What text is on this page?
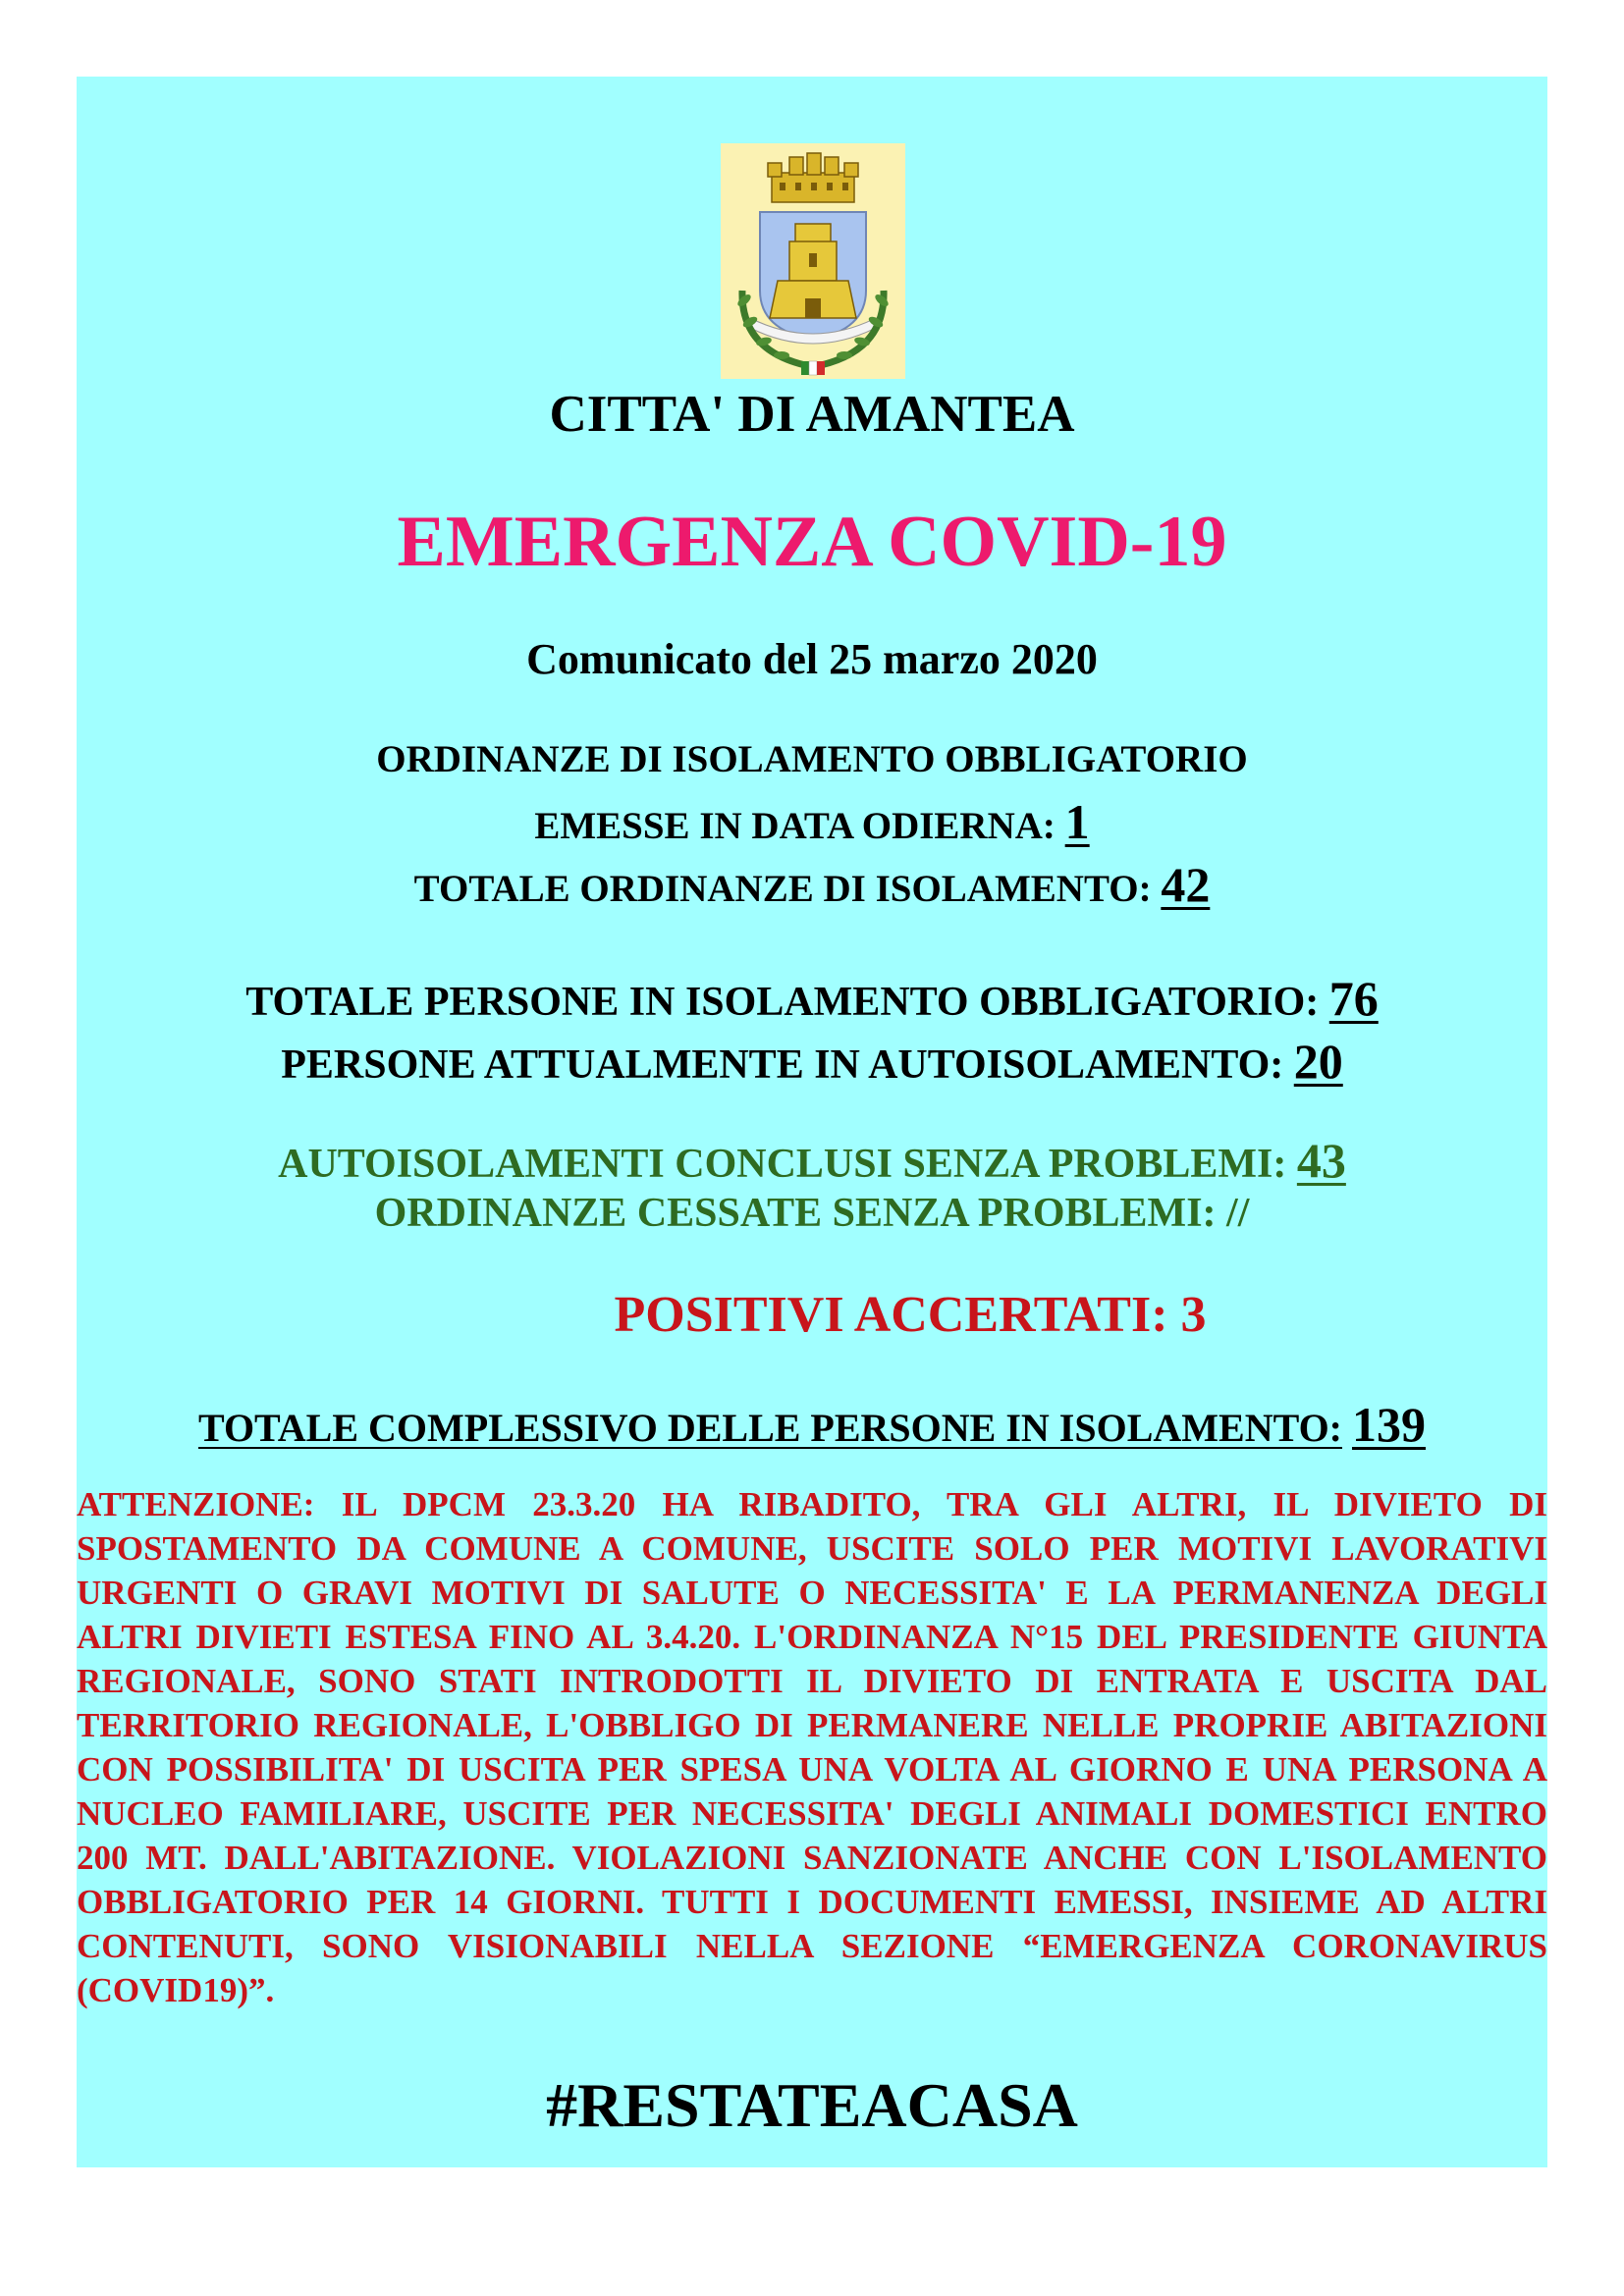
CITTA' DI AMANTEA
EMERGENZA COVID-19
Comunicato del 25 marzo 2020
ORDINANZE DI ISOLAMENTO OBBLIGATORIO
EMESSE IN DATA ODIERNA: 1
TOTALE ORDINANZE DI ISOLAMENTO: 42
TOTALE PERSONE IN ISOLAMENTO OBBLIGATORIO: 76
PERSONE ATTUALMENTE IN AUTOISOLAMENTO: 20
AUTOISOLAMENTI CONCLUSI SENZA PROBLEMI: 43
ORDINANZE CESSATE SENZA PROBLEMI: //
POSITIVI ACCERTATI: 3
TOTALE COMPLESSIVO DELLE PERSONE IN ISOLAMENTO: 139
ATTENZIONE: IL DPCM 23.3.20 HA RIBADITO, TRA GLI ALTRI, IL DIVIETO DI SPOSTAMENTO DA COMUNE A COMUNE, USCITE SOLO PER MOTIVI LAVORATIVI URGENTI O GRAVI MOTIVI DI SALUTE O NECESSITA' E LA PERMANENZA DEGLI ALTRI DIVIETI ESTESA FINO AL 3.4.20. L'ORDINANZA N°15 DEL PRESIDENTE GIUNTA REGIONALE, SONO STATI INTRODOTTI IL DIVIETO DI ENTRATA E USCITA DAL TERRITORIO REGIONALE, L'OBBLIGO DI PERMANERE NELLE PROPRIE ABITAZIONI CON POSSIBILITA' DI USCITA PER SPESA UNA VOLTA AL GIORNO E UNA PERSONA A NUCLEO FAMILIARE, USCITE PER NECESSITA' DEGLI ANIMALI DOMESTICI ENTRO 200 MT. DALL'ABITAZIONE. VIOLAZIONI SANZIONATE ANCHE CON L'ISOLAMENTO OBBLIGATORIO PER 14 GIORNI. TUTTI I DOCUMENTI EMESSI, INSIEME AD ALTRI CONTENUTI, SONO VISIONABILI NELLA SEZIONE “EMERGENZA CORONAVIRUS (COVID19)”.
#RESTATEACASA
